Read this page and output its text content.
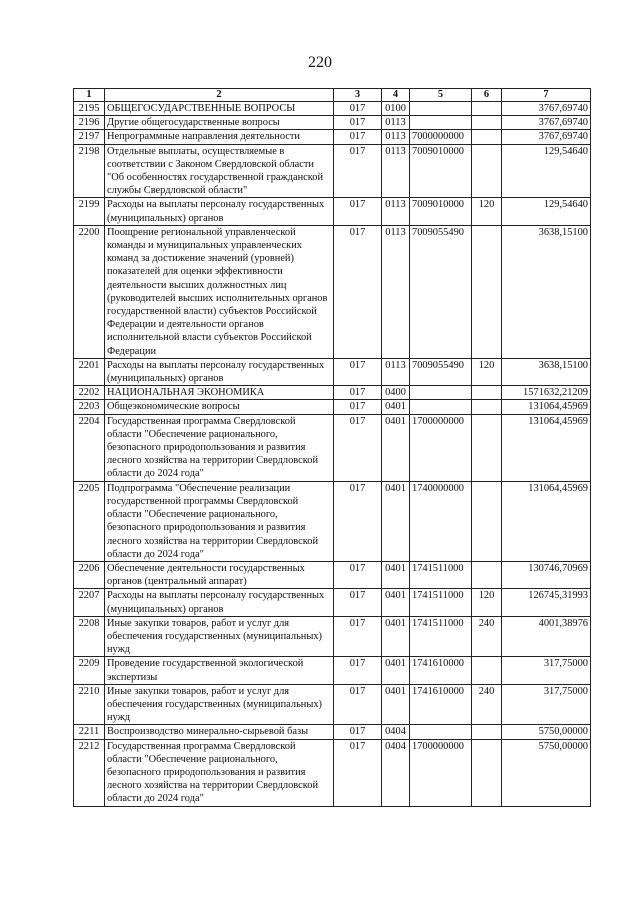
220
1	2	3	4	5	6	7
2195	ОБЩЕГОСУДАРСТВЕННЫЕ ВОПРОСЫ	017	0100			3767,69740
2196	Другие общегосударственные вопросы	017	0113			3767,69740
2197	Непрограммные направления деятельности	017	0113	7000000000		3767,69740
2198	Отдельные выплаты, осуществляемые в соответствии с Законом Свердловской области "Об особенностях государственной гражданской службы Свердловской области"	017	0113	7009010000		129,54640
2199	Расходы на выплаты персоналу государственных (муниципальных) органов	017	0113	7009010000	120	129,54640
2200	Поощрение региональной управленческой команды и муниципальных управленческих команд за достижение значений (уровней) показателей для оценки эффективности деятельности высших должностных лиц (руководителей высших исполнительных органов государственной власти) субъектов Российской Федерации и деятельности органов исполнительной власти субъектов Российской Федерации	017	0113	7009055490		3638,15100
2201	Расходы на выплаты персоналу государственных (муниципальных) органов	017	0113	7009055490	120	3638,15100
2202	НАЦИОНАЛЬНАЯ ЭКОНОМИКА	017	0400			1571632,21209
2203	Общеэкономические вопросы	017	0401			131064,45969
2204	Государственная программа Свердловской области "Обеспечение рационального, безопасного природопользования и развития лесного хозяйства на территории Свердловской области до 2024 года"	017	0401	1700000000		131064,45969
2205	Подпрограмма "Обеспечение реализации государственной программы Свердловской области "Обеспечение рационального, безопасного природопользования и развития лесного хозяйства на территории Свердловской области до 2024 года"	017	0401	1740000000		131064,45969
2206	Обеспечение деятельности государственных органов (центральный аппарат)	017	0401	1741511000		130746,70969
2207	Расходы на выплаты персоналу государственных (муниципальных) органов	017	0401	1741511000	120	126745,31993
2208	Иные закупки товаров, работ и услуг для обеспечения государственных (муниципальных) нужд	017	0401	1741511000	240	4001,38976
2209	Проведение государственной экологической экспертизы	017	0401	1741610000		317,75000
2210	Иные закупки товаров, работ и услуг для обеспечения государственных (муниципальных) нужд	017	0401	1741610000	240	317,75000
2211	Воспроизводство минерально-сырьевой базы	017	0404			5750,00000
2212	Государственная программа Свердловской области "Обеспечение рационального, безопасного природопользования и развития лесного хозяйства на территории Свердловской области до 2024 года"	017	0404	1700000000		5750,00000
